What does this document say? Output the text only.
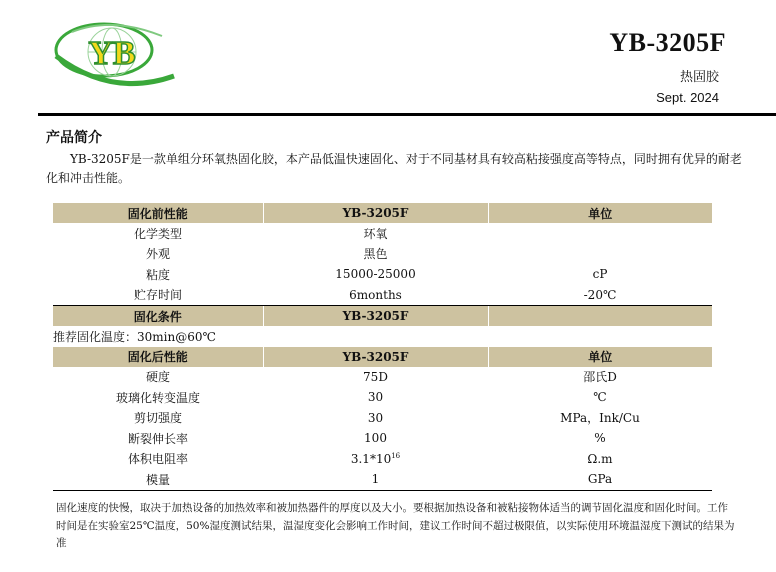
YB	YB-3205F
热固胶
Sept. 2024
产品简介
YB-3205F是一款单组分环氧热固化胶，本产品低温快速固化、对于不同基材具有较高粘接强度高等特点，同时拥有优异的耐老化和冲击性能。
固化前性能	YB-3205F	单位
化学类型	环氧	
外观	黑色	
粘度	15000-25000	cP
贮存时间	6months	-20℃
固化条件	YB-3205F	
推荐固化温度：30min@60℃		
固化后性能	YB-3205F	单位
硬度	75D	邵氏D
玻璃化转变温度	30	℃
剪切强度	30	MPa，Ink/Cu
断裂伸长率	100	%
体积电阻率	$3.1*10^{16}$	Ω.m
模量	1	GPa
固化速度的快慢，取决于加热设备的加热效率和被加热器件的厚度以及大小。要根据加热设备和被粘接物体适当的调节固化温度和固化时间。工作时间是在实验室25℃温度，50%湿度测试结果，温湿度变化会影响工作时间，建议工作时间不超过极限值，以实际使用环境温湿度下测试的结果为准
